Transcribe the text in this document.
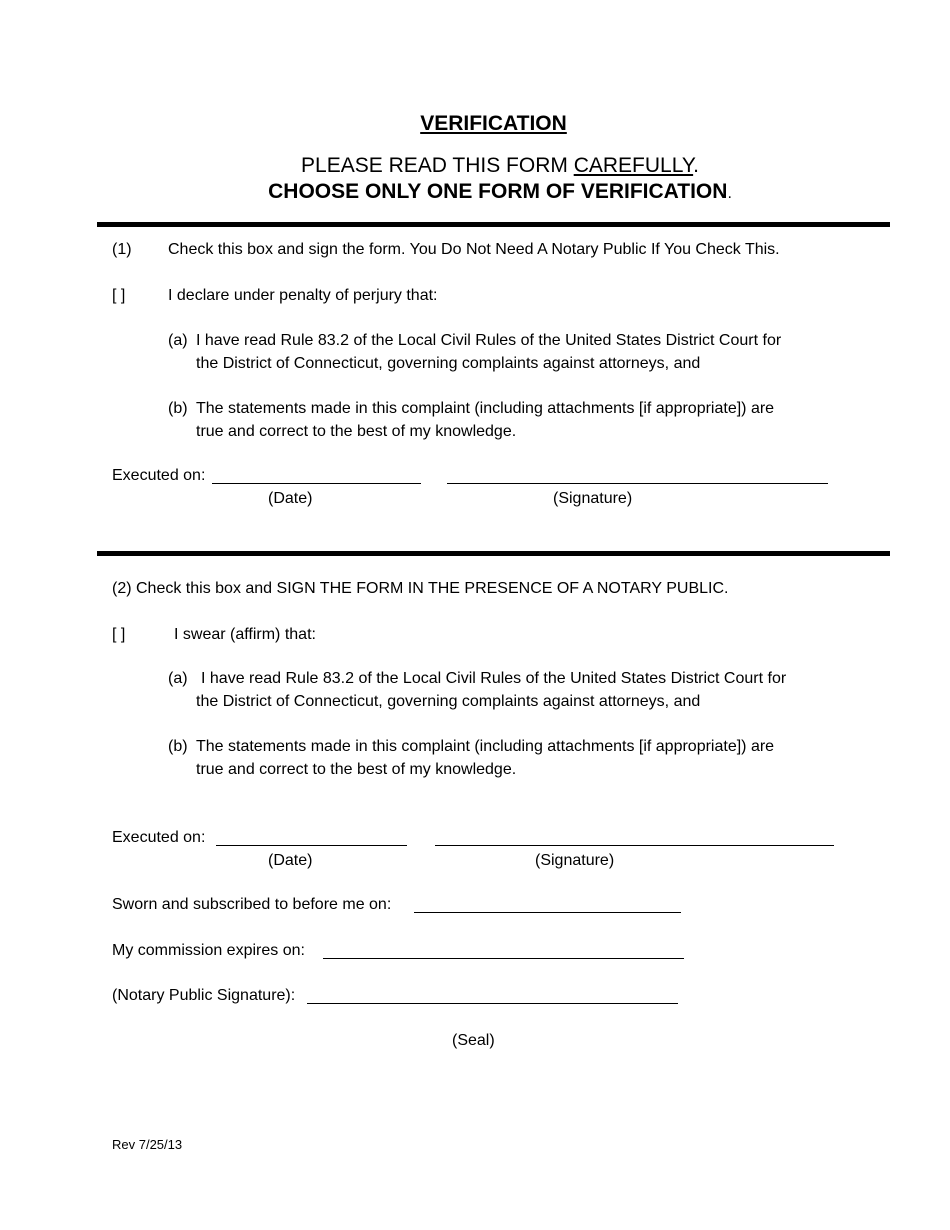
VERIFICATION
PLEASE READ THIS FORM CAREFULLY.
CHOOSE ONLY ONE FORM OF VERIFICATION.
(1) Check this box and sign the form. You Do Not Need A Notary Public If You Check This.
[ ]	I declare under penalty of perjury that:
(a) I have read Rule 83.2 of the Local Civil Rules of the United States District Court for
the District of Connecticut, governing complaints against attorneys, and
(b) The statements made in this complaint (including attachments [if appropriate]) are
true and correct to the best of my knowledge.
Executed on:
(Date)	(Signature)
(2) Check this box and SIGN THE FORM IN THE PRESENCE OF A NOTARY PUBLIC.
[ ]	I swear (affirm) that:
(a) I have read Rule 83.2 of the Local Civil Rules of the United States District Court for
the District of Connecticut, governing complaints against attorneys, and
(b) The statements made in this complaint (including attachments [if appropriate]) are
true and correct to the best of my knowledge.
Executed on:
(Date)	(Signature)
Sworn and subscribed to before me on:
My commission expires on:
(Notary Public Signature):
(Seal)
Rev 7/25/13
